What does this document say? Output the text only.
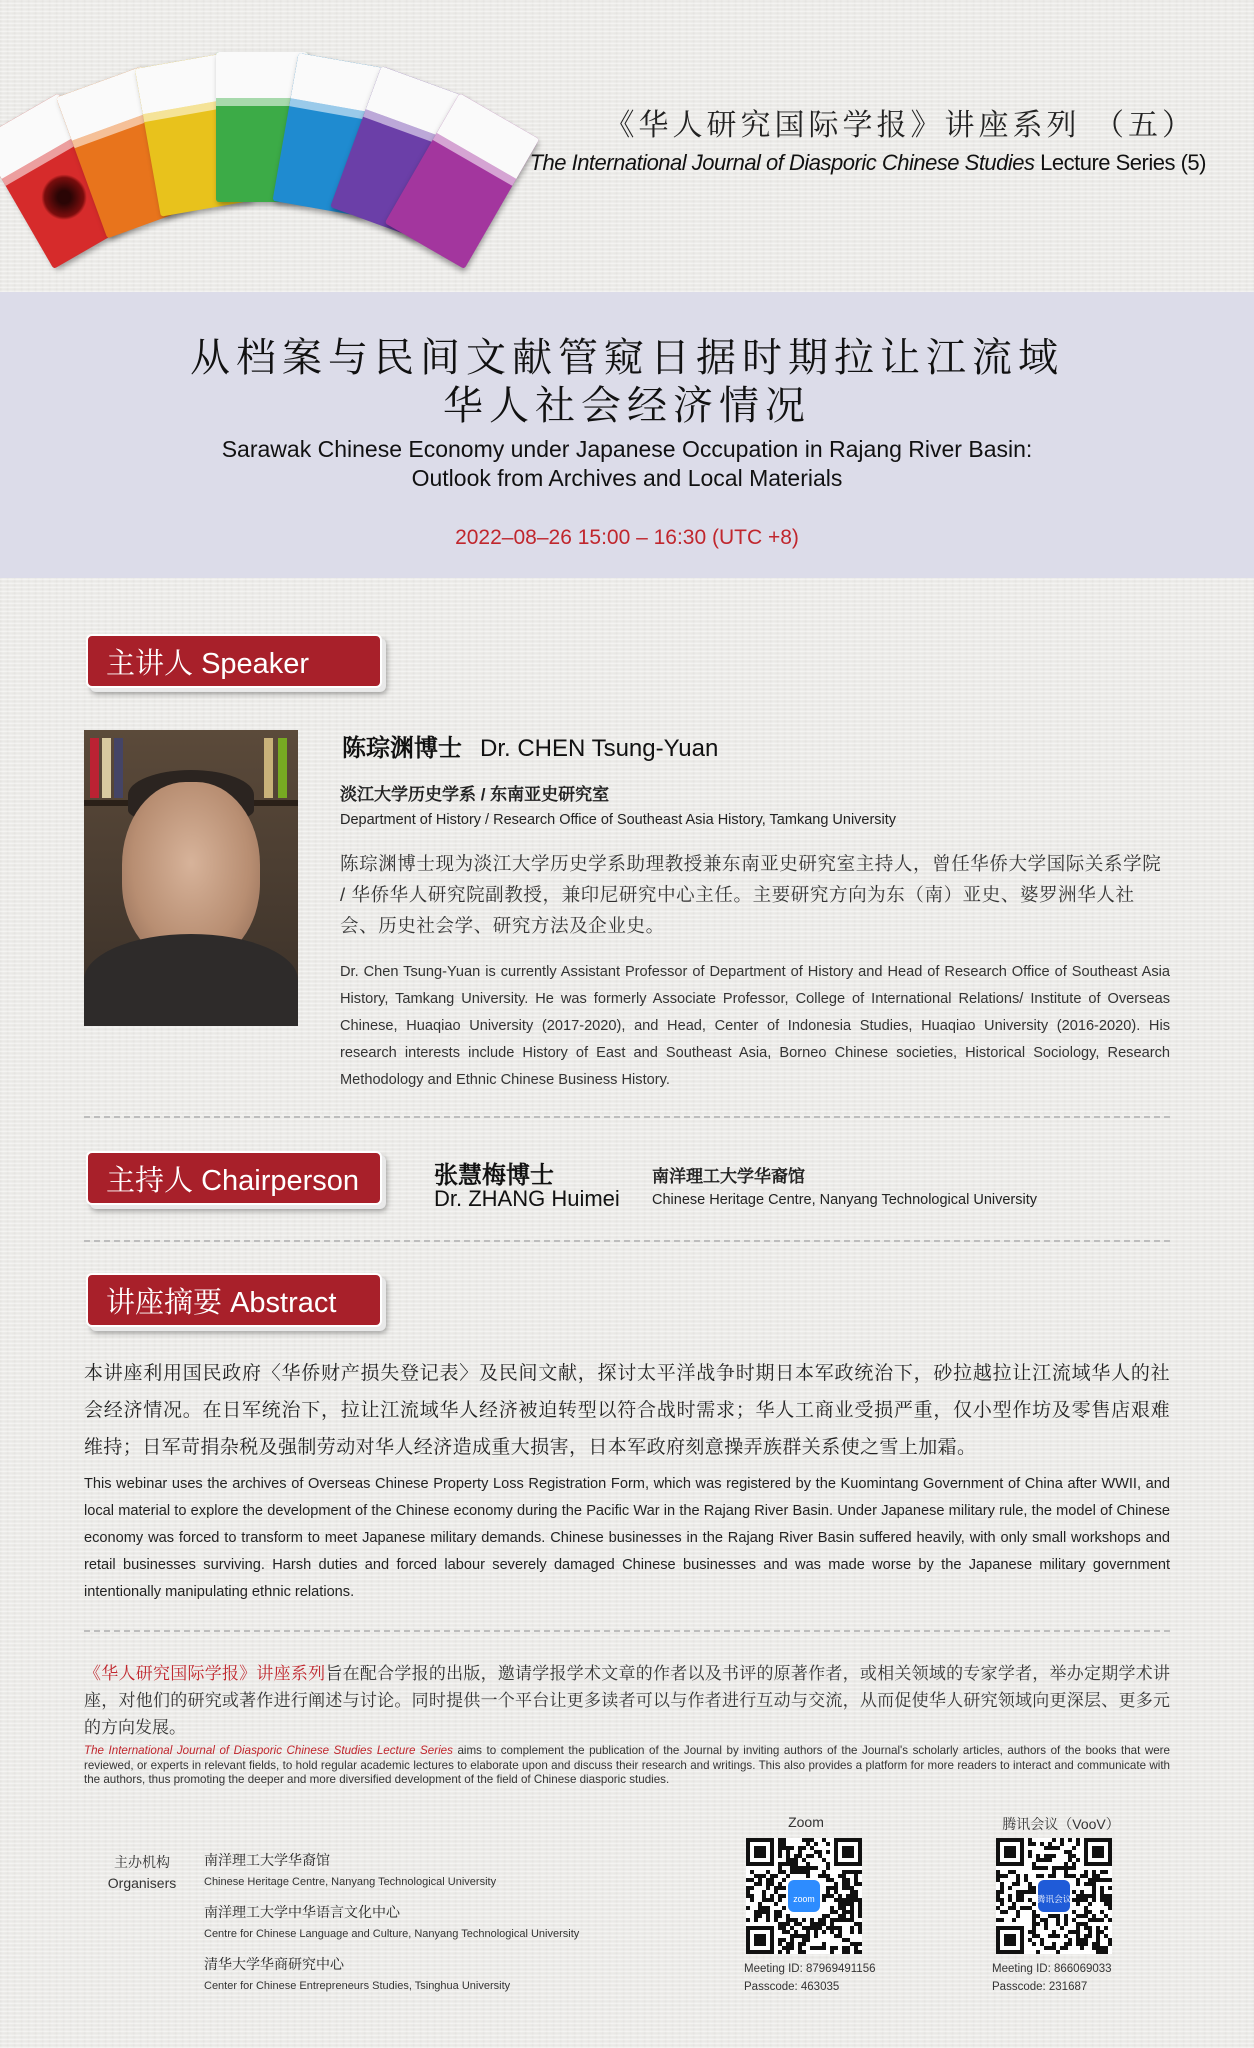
《华人研究国际学报》讲座系列 （五）
The International Journal of Diasporic Chinese Studies Lecture Series (5)
从档案与民间文献管窥日据时期拉让江流域
华人社会经济情况
Sarawak Chinese Economy under Japanese Occupation in Rajang River Basin:
Outlook from Archives and Local Materials
2022–08–26 15:00 – 16:30 (UTC +8)
主讲人 Speaker
陈琮渊博士 Dr. CHEN Tsung-Yuan
淡江大学历史学系 / 东南亚史研究室
Department of History / Research Office of Southeast Asia History, Tamkang University
陈琮渊博士现为淡江大学历史学系助理教授兼东南亚史研究室主持人，曾任华侨大学国际关系学院 / 华侨华人研究院副教授，兼印尼研究中心主任。主要研究方向为东（南）亚史、婆罗洲华人社会、历史社会学、研究方法及企业史。
Dr. Chen Tsung-Yuan is currently Assistant Professor of Department of History and Head of Research Office of Southeast Asia History, Tamkang University. He was formerly Associate Professor, College of International Relations/ Institute of Overseas Chinese, Huaqiao University (2017-2020), and Head, Center of Indonesia Studies, Huaqiao University (2016-2020). His research interests include History of East and Southeast Asia, Borneo Chinese societies, Historical Sociology, Research Methodology and Ethnic Chinese Business History.
主持人 Chairperson	张慧梅博士
Dr. ZHANG Huimei
南洋理工大学华裔馆
Chinese Heritage Centre, Nanyang Technological University
讲座摘要 Abstract
本讲座利用国民政府〈华侨财产损失登记表〉及民间文献，探讨太平洋战争时期日本军政统治下，砂拉越拉让江流域华人的社会经济情况。在日军统治下，拉让江流域华人经济被迫转型以符合战时需求；华人工商业受损严重，仅小型作坊及零售店艰难维持；日军苛捐杂税及强制劳动对华人经济造成重大损害，日本军政府刻意操弄族群关系使之雪上加霜。
This webinar uses the archives of Overseas Chinese Property Loss Registration Form, which was registered by the Kuomintang Government of China after WWII, and local material to explore the development of the Chinese economy during the Pacific War in the Rajang River Basin. Under Japanese military rule, the model of Chinese economy was forced to transform to meet Japanese military demands. Chinese businesses in the Rajang River Basin suffered heavily, with only small workshops and retail businesses surviving. Harsh duties and forced labour severely damaged Chinese businesses and was made worse by the Japanese military government intentionally manipulating ethnic relations.
《华人研究国际学报》讲座系列旨在配合学报的出版，邀请学报学术文章的作者以及书评的原著作者，或相关领域的专家学者，举办定期学术讲座，对他们的研究或著作进行阐述与讨论。同时提供一个平台让更多读者可以与作者进行互动与交流，从而促使华人研究领域向更深层、更多元的方向发展。
The International Journal of Diasporic Chinese Studies Lecture Series aims to complement the publication of the Journal by inviting authors of the Journal's scholarly articles, authors of the books that were reviewed, or experts in relevant fields, to hold regular academic lectures to elaborate upon and discuss their research and writings. This also provides a platform for more readers to interact and communicate with the authors, thus promoting the deeper and more diversified development of the field of Chinese diasporic studies.
主办机构
Organisers
南洋理工大学华裔馆
Chinese Heritage Centre, Nanyang Technological University
南洋理工大学中华语言文化中心
Centre for Chinese Language and Culture, Nanyang Technological University
清华大学华商研究中心
Center for Chinese Entrepreneurs Studies, Tsinghua University
Zoom
zoom
Meeting ID: 87969491156
Passcode: 463035
腾讯会议（VooV）
腾讯会议
Meeting ID: 866069033
Passcode: 231687
